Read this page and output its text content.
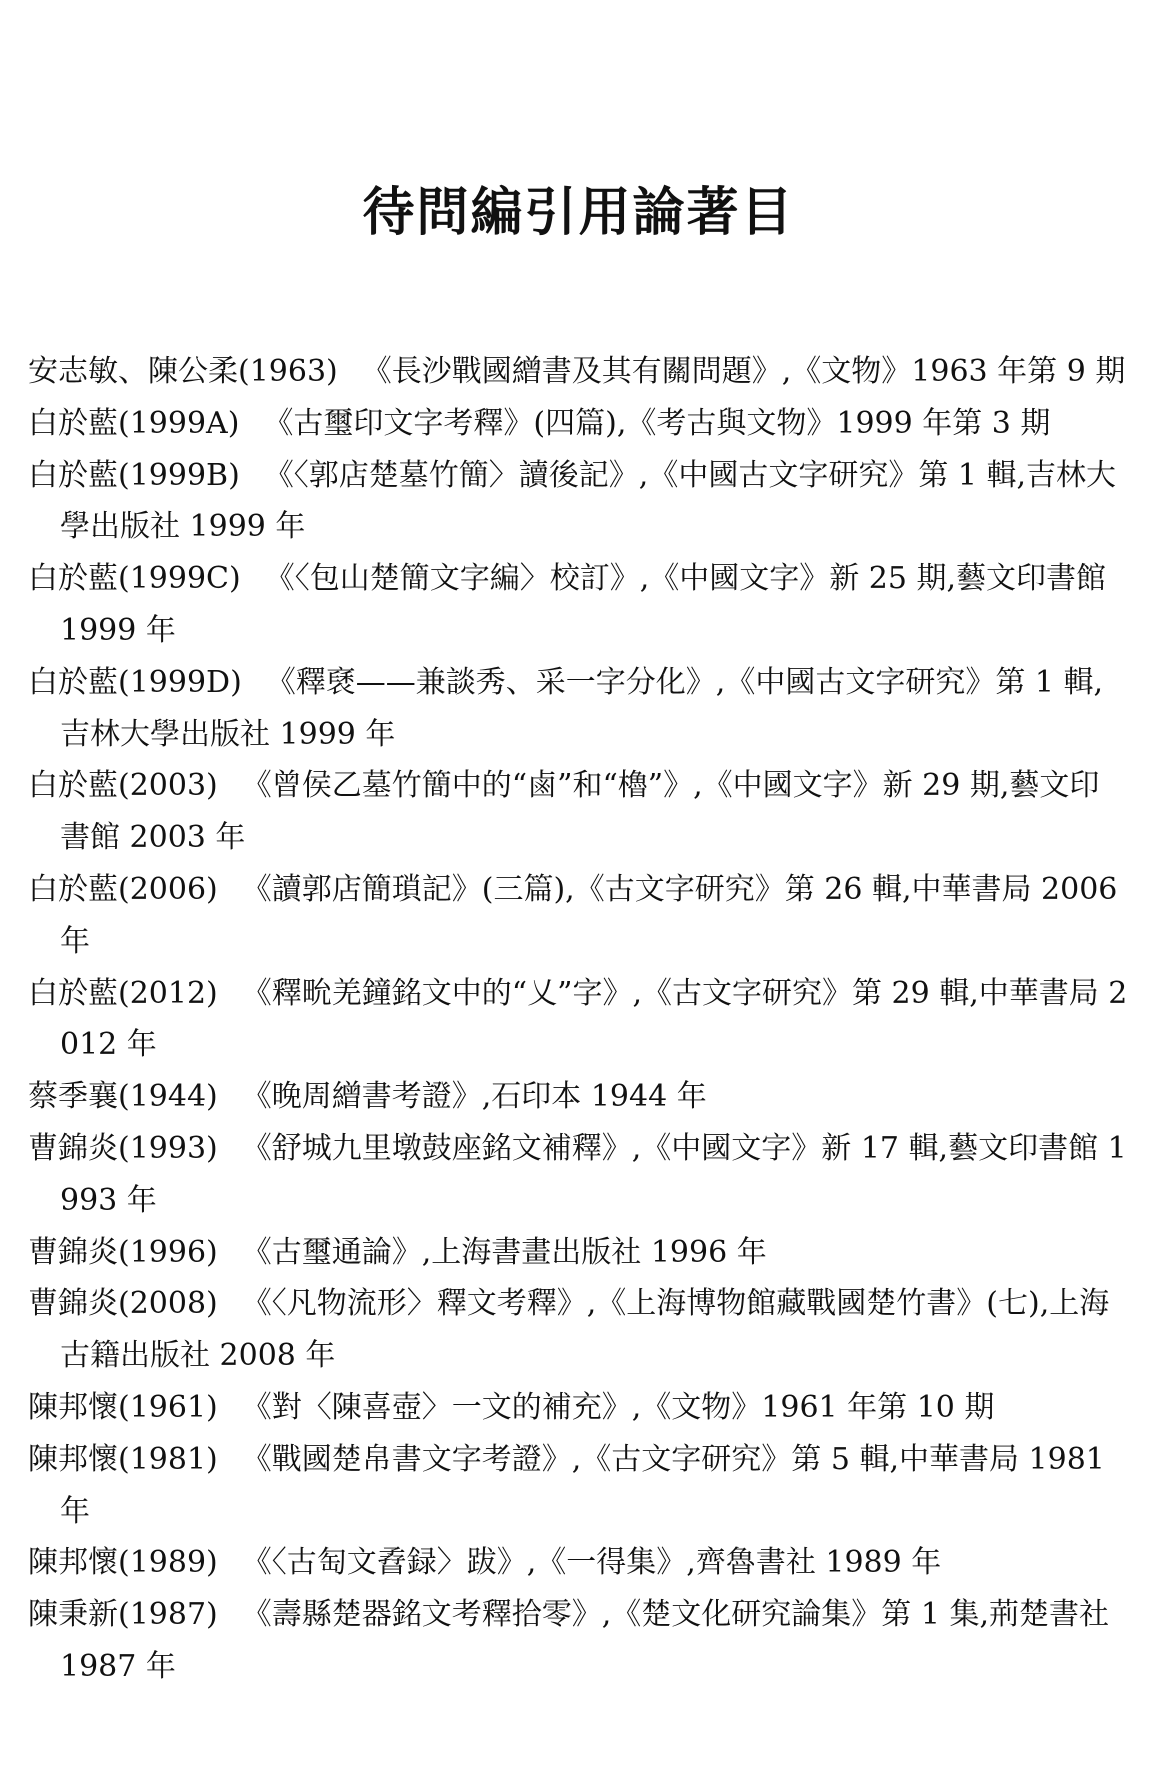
待問編引用論著目

安志敏、陳公柔(1963) 《長沙戰國繒書及其有關問題》,《文物》1963 年第 9 期

白於藍(1999A) 《古璽印文字考釋》(四篇),《考古與文物》1999 年第 3 期

白於藍(1999B) 《〈郭店楚墓竹簡〉讀後記》,《中國古文字研究》第 1 輯,吉林大學出版社 1999 年

白於藍(1999C) 《〈包山楚簡文字編〉校訂》,《中國文字》新 25 期,藝文印書館 1999 年

白於藍(1999D) 《釋褎——兼談秀、采一字分化》,《中國古文字研究》第 1 輯,吉林大學出版社 1999 年

白於藍(2003) 《曾侯乙墓竹簡中的“鹵”和“櫓”》,《中國文字》新 29 期,藝文印書館 2003 年

白於藍(2006) 《讀郭店簡瑣記》(三篇),《古文字研究》第 26 輯,中華書局 2006 年

白於藍(2012) 《釋㽙羌鐘銘文中的“乂”字》,《古文字研究》第 29 輯,中華書局 2012 年

蔡季襄(1944) 《晚周繒書考證》,石印本 1944 年

曹錦炎(1993) 《舒城九里墩鼓座銘文補釋》,《中國文字》新 17 輯,藝文印書館 1993 年

曹錦炎(1996) 《古璽通論》,上海書畫出版社 1996 年

曹錦炎(2008) 《〈凡物流形〉釋文考釋》,《上海博物館藏戰國楚竹書》(七),上海古籍出版社 2008 年

陳邦懷(1961) 《對〈陳喜壺〉一文的補充》,《文物》1961 年第 10 期

陳邦懷(1981) 《戰國楚帛書文字考證》,《古文字研究》第 5 輯,中華書局 1981 年

陳邦懷(1989) 《〈古匋文孴録〉跋》,《一得集》,齊魯書社 1989 年

陳秉新(1987) 《壽縣楚器銘文考釋拾零》,《楚文化研究論集》第 1 集,荊楚書社 1987 年
